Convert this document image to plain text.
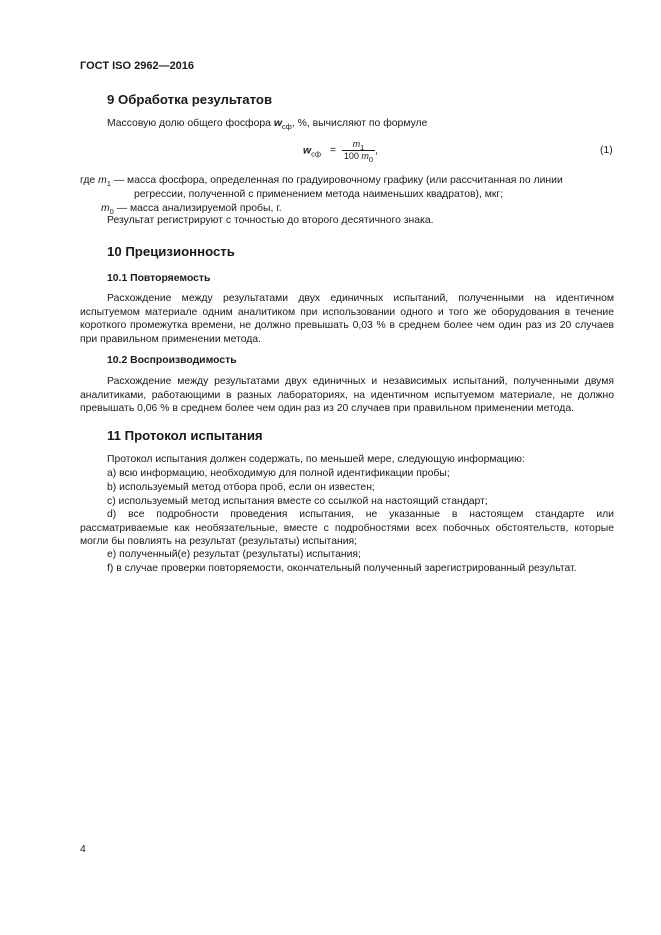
ГОСТ ISO 2962—2016
9 Обработка результатов
Массовую долю общего фосфора $w_{сф}$, %, вычисляют по формуле
$w_{сф} = \frac{m_1}{100 m_0}$ ,	(1)
где $m_1$ — масса фосфора, определенная по градуировочному графику (или рассчитанная по линии
регрессии, полученной с применением метода наименьших квадратов), мкг;
$m_0$ — масса анализируемой пробы, г.
Результат регистрируют с точностью до второго десятичного знака.
10 Прецизионность
10.1 Повторяемость
Расхождение между результатами двух единичных испытаний, полученными на идентичном испытуемом материале одним аналитиком при использовании одного и того же оборудования в течение короткого промежутка времени, не должно превышать 0,03 % в среднем более чем один раз из 20 случаев при правильном применении метода.
10.2 Воспроизводимость
Расхождение между результатами двух единичных и независимых испытаний, полученными двумя аналитиками, работающими в разных лабораториях, на идентичном испытуемом материале, не должно превышать 0,06 % в среднем более чем один раз из 20 случаев при правильном применении метода.
11 Протокол испытания
Протокол испытания должен содержать, по меньшей мере, следующую информацию:
a) всю информацию, необходимую для полной идентификации пробы;
b) используемый метод отбора проб, если он известен;
c) используемый метод испытания вместе со ссылкой на настоящий стандарт;
d) все подробности проведения испытания, не указанные в настоящем стандарте или рассматриваемые как необязательные, вместе с подробностями всех побочных обстоятельств, которые могли бы повлиять на результат (результаты) испытания;
e) полученный(е) результат (результаты) испытания;
f) в случае проверки повторяемости, окончательный полученный зарегистрированный результат.
4
